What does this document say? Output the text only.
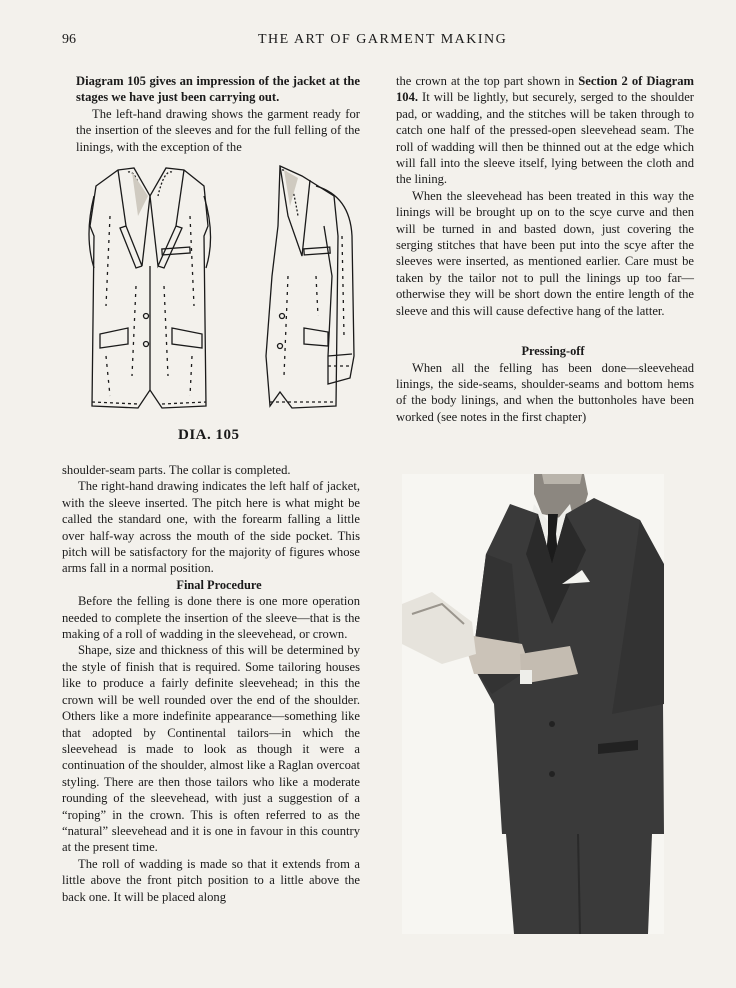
96	THE ART OF GARMENT MAKING

Diagram 105 gives an impression of the jacket at the stages we have just been carrying out.

The left-hand drawing shows the garment ready for the insertion of the sleeves and for the full felling of the linings, with the exception of the

DIA. 105

shoulder-seam parts. The collar is completed.

The right-hand drawing indicates the left half of jacket, with the sleeve inserted. The pitch here is what might be called the standard one, with the forearm falling a little over half-way across the mouth of the side pocket. This pitch will be satisfactory for the majority of figures whose arms fall in a normal position.

Final Procedure

Before the felling is done there is one more operation needed to complete the insertion of the sleeve—that is the making of a roll of wadding in the sleevehead, or crown.

Shape, size and thickness of this will be determined by the style of finish that is required. Some tailoring houses like to produce a fairly definite sleevehead; in this the crown will be well rounded over the end of the shoulder. Others like a more indefinite appearance—something like that adopted by Continental tailors—in which the sleevehead is made to look as though it were a continuation of the shoulder, almost like a Raglan overcoat styling. There are then those tailors who like a moderate rounding of the sleevehead, with just a suggestion of a “roping” in the crown. This is often referred to as the “natural” sleevehead and it is one in favour in this country at the present time.

The roll of wadding is made so that it extends from a little above the front pitch position to a little above the back one. It will be placed along

the crown at the top part shown in Section 2 of Diagram 104. It will be lightly, but securely, serged to the shoulder pad, or wadding, and the stitches will be taken through to catch one half of the pressed-open sleevehead seam. The roll of wadding will then be thinned out at the edge which will fall into the sleeve itself, lying between the cloth and the lining.

When the sleevehead has been treated in this way the linings will be brought up on to the scye curve and then will be turned in and basted down, just covering the serging stitches that have been put into the scye after the sleeves were inserted, as mentioned earlier. Care must be taken by the tailor not to pull the linings up too far—otherwise they will be short down the entire length of the sleeve and this will cause defective hang of the latter.

Pressing-off

When all the felling has been done—sleevehead linings, the side-seams, shoulder-seams and bottom hems of the body linings, and when the buttonholes have been worked (see notes in the first chapter)
